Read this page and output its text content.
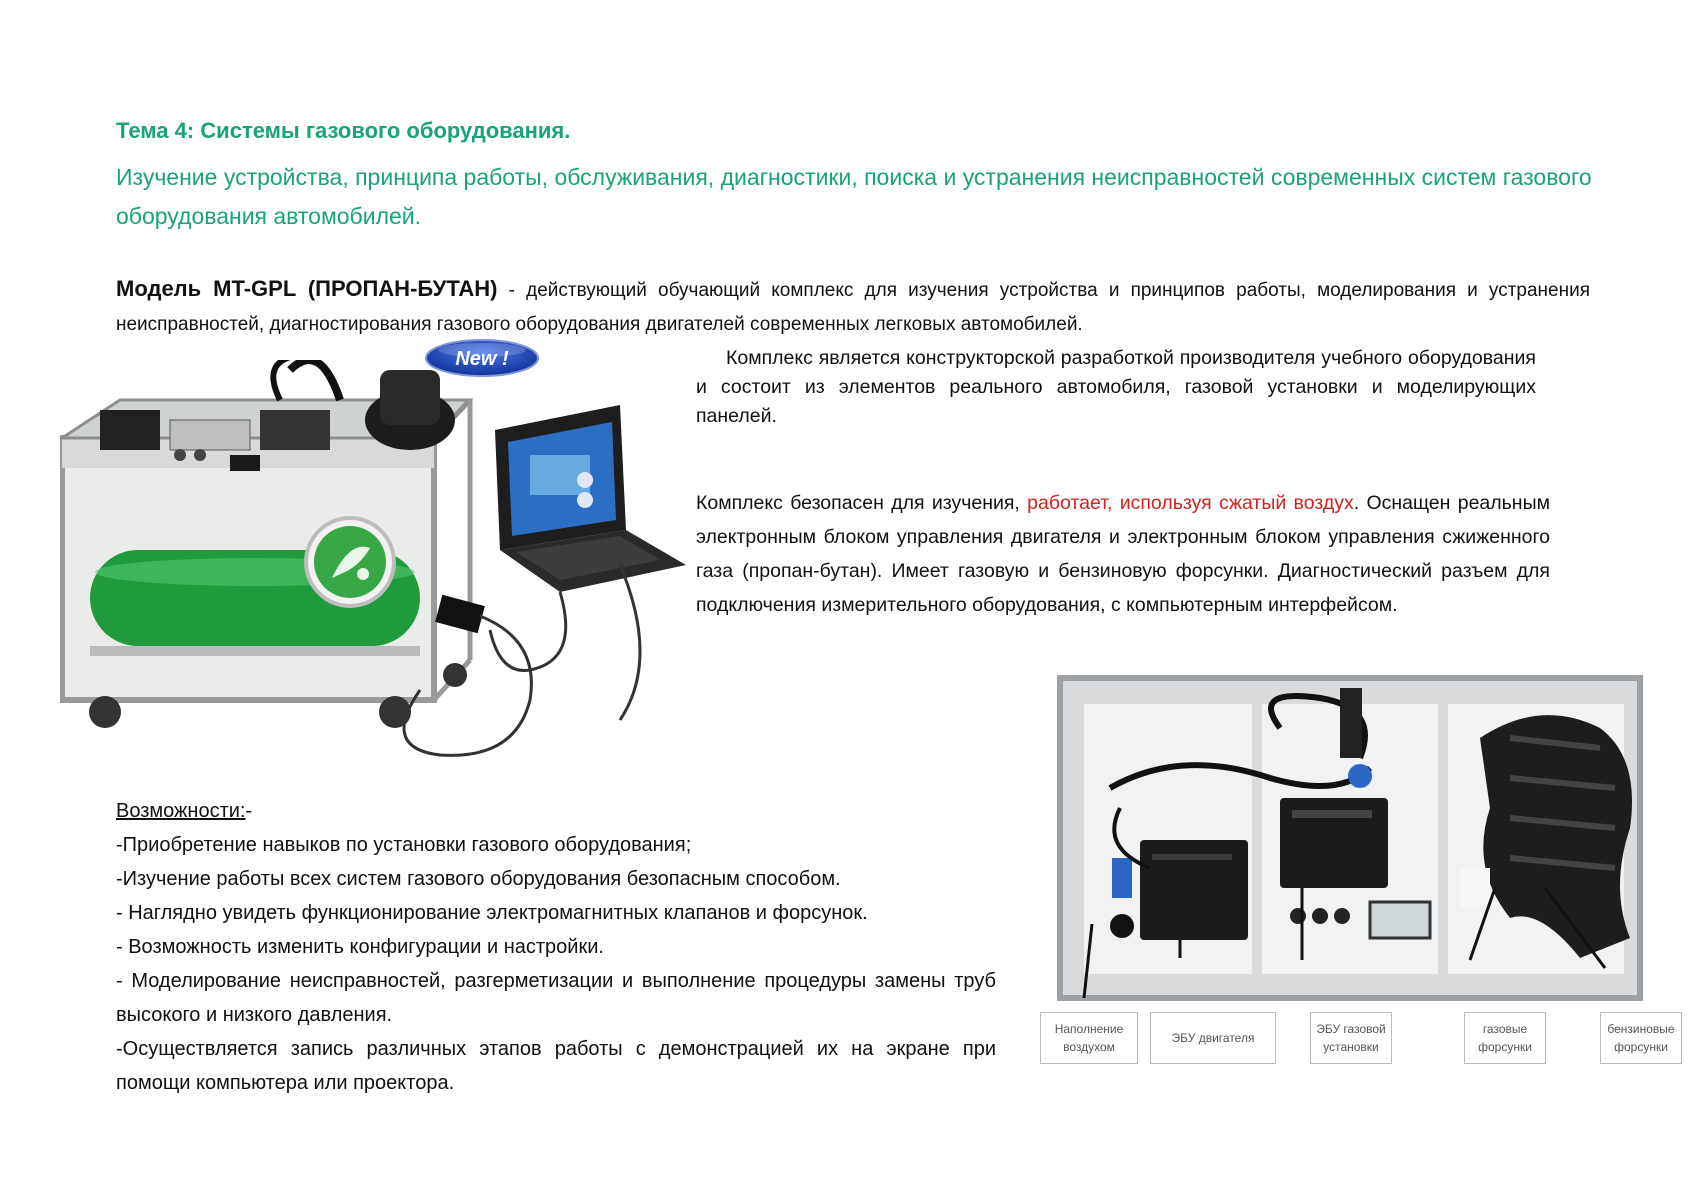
Тема 4: Системы газового оборудования.
Изучение устройства, принципа работы, обслуживания, диагностики, поиска и устранения неисправностей современных систем газового оборудования автомобилей.
Модель MT-GPL (ПРОПАН-БУТАН) - действующий обучающий комплекс для изучения устройства и принципов работы, моделирования и устранения неисправностей, диагностирования газового оборудования двигателей современных легковых автомобилей.
New !	Комплекс является конструкторской разработкой производителя учебного оборудования и состоит из элементов реального автомобиля, газовой установки и моделирующих панелей.
Комплекс безопасен для изучения, работает, используя сжатый воздух. Оснащен реальным электронным блоком управления двигателя и электронным блоком управления сжиженного газа (пропан-бутан). Имеет газовую и бензиновую форсунки. Диагностический разъем для подключения измерительного оборудования, с компьютерным интерфейсом.
Возможности:-
-Приобретение навыков по установки газового оборудования;
-Изучение работы всех систем газового оборудования безопасным способом.
- Наглядно увидеть функционирование электромагнитных клапанов и форсунок.
- Возможность изменить конфигурации и настройки.
- Моделирование неисправностей, разгерметизации и выполнение процедуры замены труб высокого и низкого давления.
-Осуществляется запись различных этапов работы с демонстрацией их на экране при помощи компьютера или проектора.
Наполнение воздухом
ЭБУ двигателя
ЭБУ газовой установки
газовые форсунки
бензиновые форсунки
